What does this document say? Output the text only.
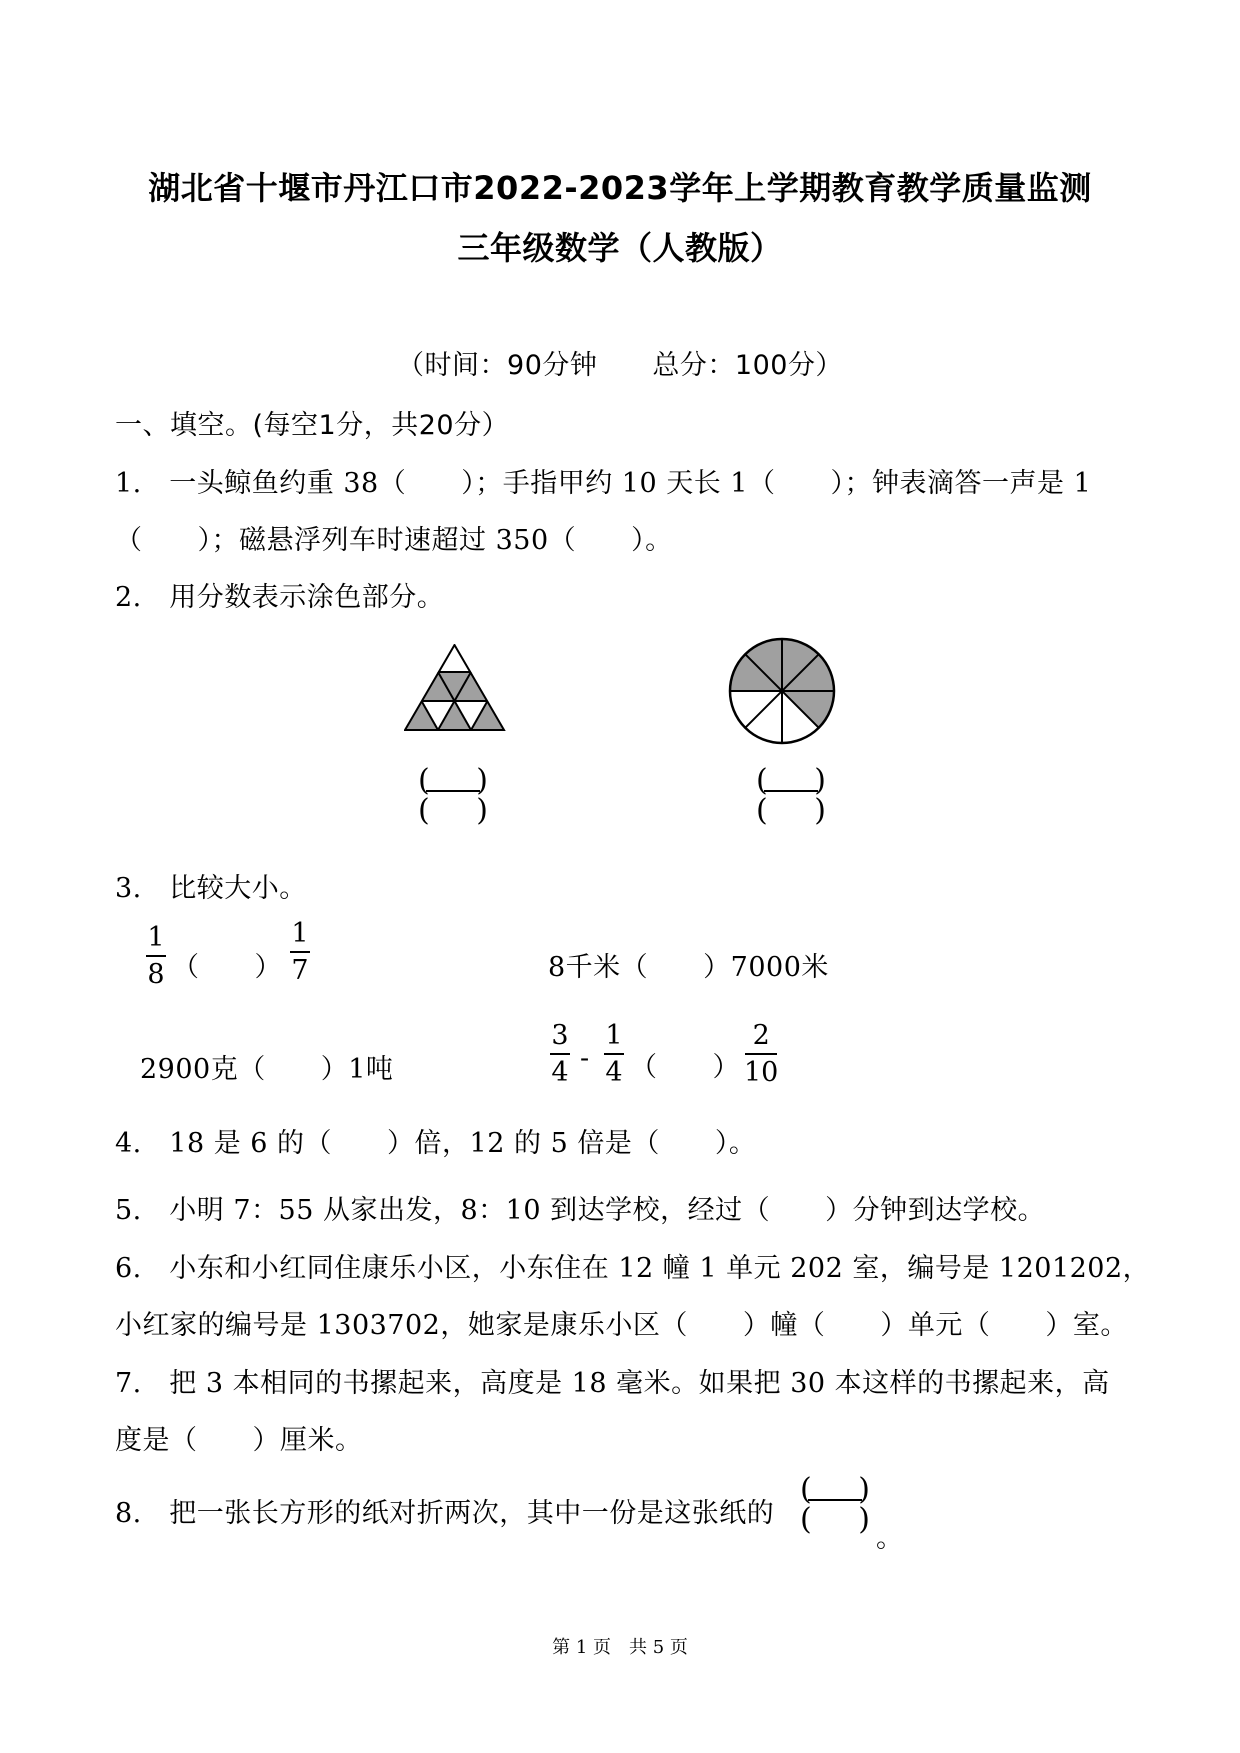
湖北省十堰市丹江口市2022-2023学年上学期教育教学质量监测
三年级数学（人教版）
（时间：90分钟　　总分：100分）
一、填空。(每空1分，共20分）
1.　一头鲸鱼约重 38（　　）；手指甲约 10 天长 1（　　）；钟表滴答一声是 1
（　　）；磁悬浮列车时速超过 350（　　）。
2.　用分数表示涂色部分。
( )
( )
( )
( )
3.　比较大小。
1
8 （　　）
1
7	8千米（　　）7000米
2900克（　　）1吨
3
4 -
1
4 （　　）
2
10
4.　18 是 6 的（　　）倍，12 的 5 倍是（　　）。
5.　小明 7：55 从家出发，8：10 到达学校，经过（　　）分钟到达学校。
6.　小东和小红同住康乐小区，小东住在 12 幢 1 单元 202 室，编号是 1201202，
小红家的编号是 1303702，她家是康乐小区（　　）幢（　　）单元（　　）室。
7.　把 3 本相同的书摞起来，高度是 18 毫米。如果把 30 本这样的书摞起来，高
度是（　　）厘米。
8.　把一张长方形的纸对折两次，其中一份是这张纸的
( )
( )
。
第 1 页　共 5 页
